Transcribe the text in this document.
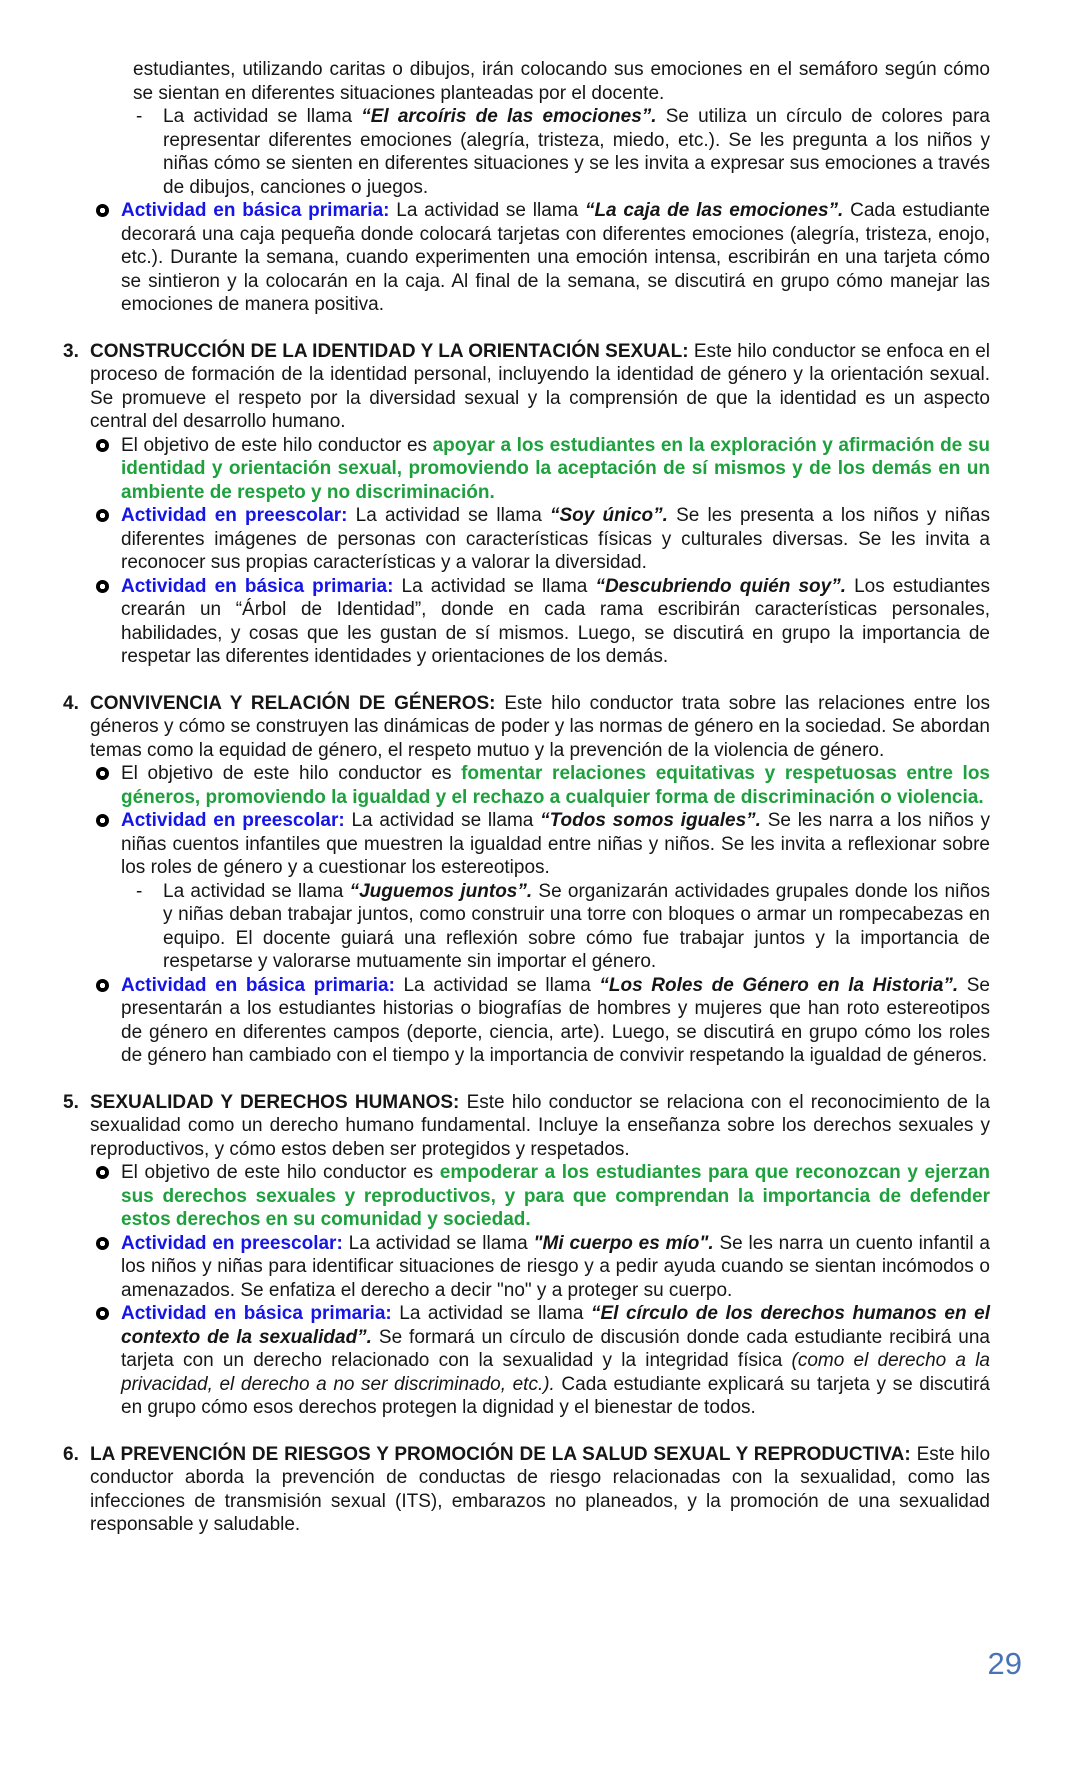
estudiantes, utilizando caritas o dibujos, irán colocando sus emociones en el semáforo según cómo se sientan en diferentes situaciones planteadas por el docente.
- La actividad se llama “El arcoíris de las emociones”. Se utiliza un círculo de colores para representar diferentes emociones (alegría, tristeza, miedo, etc.). Se les pregunta a los niños y niñas cómo se sienten en diferentes situaciones y se les invita a expresar sus emociones a través de dibujos, canciones o juegos.
Actividad en básica primaria: La actividad se llama “La caja de las emociones”. Cada estudiante decorará una caja pequeña donde colocará tarjetas con diferentes emociones (alegría, tristeza, enojo, etc.). Durante la semana, cuando experimenten una emoción intensa, escribirán en una tarjeta cómo se sintieron y la colocarán en la caja. Al final de la semana, se discutirá en grupo cómo manejar las emociones de manera positiva.
3. CONSTRUCCIÓN DE LA IDENTIDAD Y LA ORIENTACIÓN SEXUAL: Este hilo conductor se enfoca en el proceso de formación de la identidad personal, incluyendo la identidad de género y la orientación sexual. Se promueve el respeto por la diversidad sexual y la comprensión de que la identidad es un aspecto central del desarrollo humano.
El objetivo de este hilo conductor es apoyar a los estudiantes en la exploración y afirmación de su identidad y orientación sexual, promoviendo la aceptación de sí mismos y de los demás en un ambiente de respeto y no discriminación.
Actividad en preescolar: La actividad se llama “Soy único”. Se les presenta a los niños y niñas diferentes imágenes de personas con características físicas y culturales diversas. Se les invita a reconocer sus propias características y a valorar la diversidad.
Actividad en básica primaria: La actividad se llama “Descubriendo quién soy”. Los estudiantes crearán un “Árbol de Identidad”, donde en cada rama escribirán características personales, habilidades, y cosas que les gustan de sí mismos. Luego, se discutirá en grupo la importancia de respetar las diferentes identidades y orientaciones de los demás.
4. CONVIVENCIA Y RELACIÓN DE GÉNEROS: Este hilo conductor trata sobre las relaciones entre los géneros y cómo se construyen las dinámicas de poder y las normas de género en la sociedad. Se abordan temas como la equidad de género, el respeto mutuo y la prevención de la violencia de género.
El objetivo de este hilo conductor es fomentar relaciones equitativas y respetuosas entre los géneros, promoviendo la igualdad y el rechazo a cualquier forma de discriminación o violencia.
Actividad en preescolar: La actividad se llama “Todos somos iguales”. Se les narra a los niños y niñas cuentos infantiles que muestren la igualdad entre niñas y niños. Se les invita a reflexionar sobre los roles de género y a cuestionar los estereotipos.
- La actividad se llama “Juguemos juntos”. Se organizarán actividades grupales donde los niños y niñas deban trabajar juntos, como construir una torre con bloques o armar un rompecabezas en equipo. El docente guiará una reflexión sobre cómo fue trabajar juntos y la importancia de respetarse y valorarse mutuamente sin importar el género.
Actividad en básica primaria: La actividad se llama “Los Roles de Género en la Historia”. Se presentarán a los estudiantes historias o biografías de hombres y mujeres que han roto estereotipos de género en diferentes campos (deporte, ciencia, arte). Luego, se discutirá en grupo cómo los roles de género han cambiado con el tiempo y la importancia de convivir respetando la igualdad de géneros.
5. SEXUALIDAD Y DERECHOS HUMANOS: Este hilo conductor se relaciona con el reconocimiento de la sexualidad como un derecho humano fundamental. Incluye la enseñanza sobre los derechos sexuales y reproductivos, y cómo estos deben ser protegidos y respetados.
El objetivo de este hilo conductor es empoderar a los estudiantes para que reconozcan y ejerzan sus derechos sexuales y reproductivos, y para que comprendan la importancia de defender estos derechos en su comunidad y sociedad.
Actividad en preescolar: La actividad se llama "Mi cuerpo es mío". Se les narra un cuento infantil a los niños y niñas para identificar situaciones de riesgo y a pedir ayuda cuando se sientan incómodos o amenazados. Se enfatiza el derecho a decir "no" y a proteger su cuerpo.
Actividad en básica primaria: La actividad se llama “El círculo de los derechos humanos en el contexto de la sexualidad”. Se formará un círculo de discusión donde cada estudiante recibirá una tarjeta con un derecho relacionado con la sexualidad y la integridad física (como el derecho a la privacidad, el derecho a no ser discriminado, etc.). Cada estudiante explicará su tarjeta y se discutirá en grupo cómo esos derechos protegen la dignidad y el bienestar de todos.
6. LA PREVENCIÓN DE RIESGOS Y PROMOCIÓN DE LA SALUD SEXUAL Y REPRODUCTIVA: Este hilo conductor aborda la prevención de conductas de riesgo relacionadas con la sexualidad, como las infecciones de transmisión sexual (ITS), embarazos no planeados, y la promoción de una sexualidad responsable y saludable.
29
